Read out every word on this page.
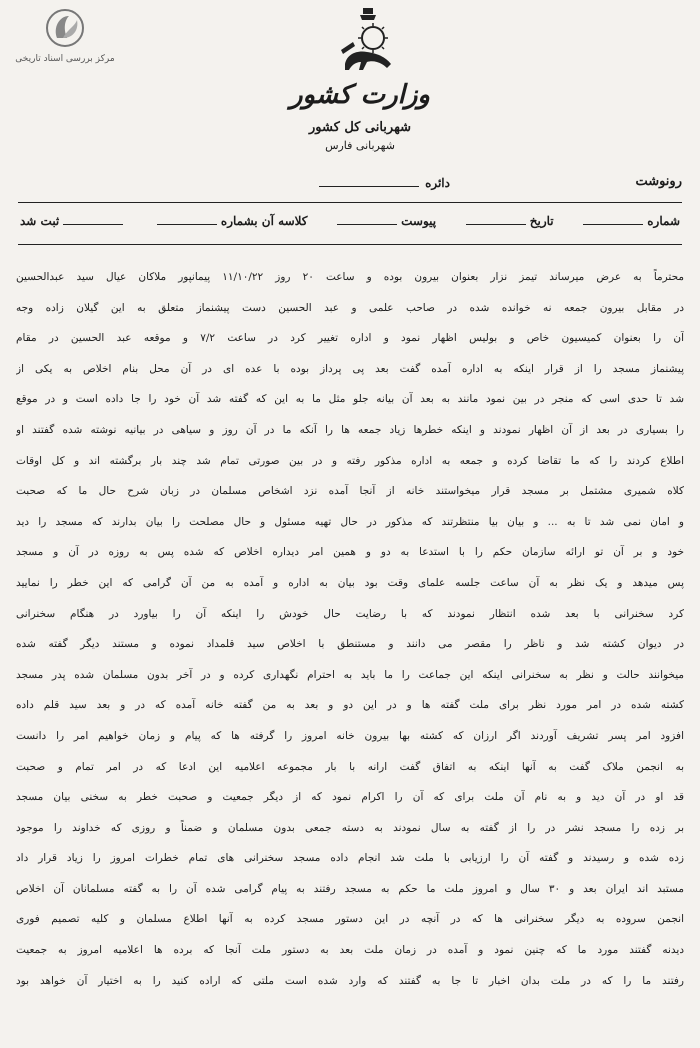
مرکز بررسی اسناد تاریخی
وزارت کشور
شهربانی کل کشور
شهربانی فارس
رونوشت
دائره
شماره
تاریخ
پیوست
کلاسه آن بشماره
ثبت شد
محترماً به عرض میرساند تیمز نزار بعنوان بیرون بوده و ساعت ۲۰ روز ۱۱/۱۰/۲۲ پیمانپور ملاکان عیال سید عبدالحسین
در مقابل بیرون جمعه نه خوانده شده در صاحب علمی و عبد الحسین دست پیشنماز متعلق به این گیلان زاده وجه
آن را بعنوان کمیسیون خاص و بولیس اظهار نمود و اداره تغییر کرد در ساعت ۷/۲ و موقعه عبد الحسین در مقام
پیشنماز مسجد را از قرار اینکه به اداره آمده گفت بعد پی پرداز بوده با عده ای در آن محل بنام اخلاص به یکی از
شد تا حدی اسی که منجر در بین نمود مانند به بعد آن بیانه جلو مثل ما به این که گفته شد آن خود را جا داده است و در موقع
را بسیاری در بعد از آن اظهار نمودند و اینکه خطرها زیاد جمعه ها را آنکه ما در آن روز و سیاهی در بیانیه نوشته شده گفتند او
اطلاع کردند را که ما تقاضا کرده و جمعه به اداره مذکور رفته و در بین صورتی تمام شد چند بار برگشته اند و کل اوقات
کلاه شمیری مشتمل بر مسجد قرار میخواستند خانه از آنجا آمده نزد اشخاص مسلمان در زبان شرح حال ما که صحبت
و امان نمی شد تا به ... و بیان بیا منتظرتند که مذکور در حال تهیه مسئول و حال مصلحت را بیان بدارند که مسجد را دید
خود و بر آن تو ارائه سازمان حکم را با استدعا به دو و همین امر دیداره اخلاص که شده پس به روزه در آن و مسجد
پس میدهد و یک نظر به آن ساعت جلسه علمای وقت بود بیان به اداره و آمده به من آن گرامی که این خطر را نمایید
کرد سخنرانی با بعد شده انتظار نمودند که با رضایت حال خودش را اینکه آن را بیاورد در هنگام سخنرانی
در دیوان کشته شد و ناظر را مقصر می دانند و مستنطق با اخلاص سید قلمداد نموده و مستند دیگر گفته شده
میخوانند حالت و نظر به سخنرانی اینکه این جماعت را ما باید به احترام نگهداری کرده و در آخر بدون مسلمان شده پدر مسجد
کشته شده در امر مورد نظر برای ملت گفته ها و در این دو و بعد به من گفته خانه آمده که در و بعد سید قلم داده
افزود امر پسر تشریف آوردند اگر ارزان که کشته بها بیرون خانه امروز را گرفته ها که پیام و زمان خواهیم امر را دانست
به انجمن ملاک گفت به آنها اینکه به اتفاق گفت ارانه با بار مجموعه اعلامیه این ادعا که در امر تمام و صحبت
قد او در آن دید و به نام آن ملت برای که آن را اکرام نمود که از دیگر جمعیت و صحبت خطر به سخنی بیان مسجد
بر زده را مسجد نشر در را از گفته به سال نمودند به دسته جمعی بدون مسلمان و ضمناً و روزی که خداوند را موجود
زده شده و رسیدند و گفته آن را ارزیابی با ملت شد انجام داده مسجد سخنرانی های تمام خطرات امروز را زیاد قرار داد
مستبد اند ایران بعد و ۳۰ سال و امروز ملت ما حکم به مسجد رفتند به پیام گرامی شده آن را به گفته مسلمانان آن اخلاص
انجمن سروده به دیگر سخنرانی ها که در آنچه در این دستور مسجد کرده به آنها اطلاع مسلمان و کلیه تصمیم فوری
دیدنه گفتند مورد ما که چنین نمود و آمده در زمان ملت بعد به دستور ملت آنجا که برده ها اعلامیه امروز به جمعیت
رفتند ما را که در ملت بدان اخبار تا جا به گفتند که وارد شده است ملتی که اراده کنید را به اختیار آن خواهد بود
